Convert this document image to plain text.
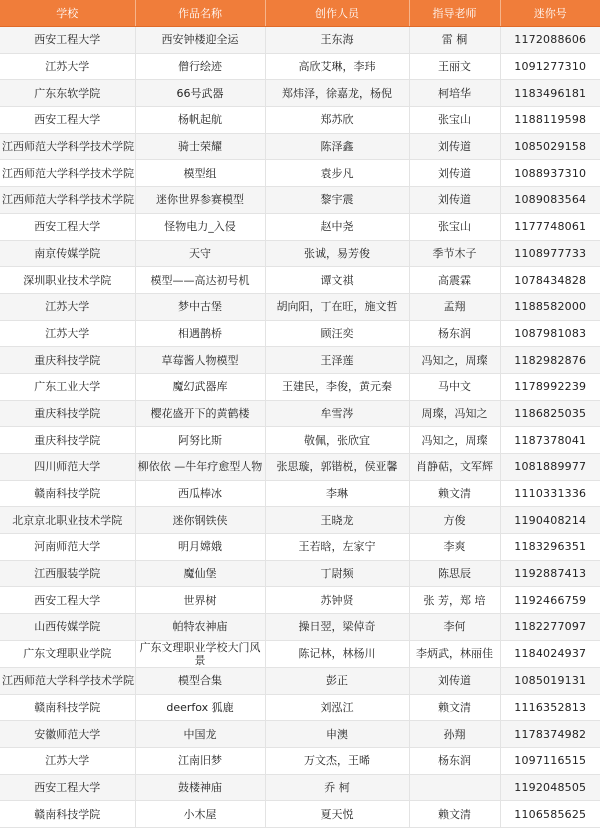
学校	作品名称	创作人员	指导老师	迷你号
西安工程大学	西安钟楼迎全运	王东海	雷 桐	1172088606
江苏大学	僧行绘迹	高欣艾琳，李玮	王丽文	1091277310
广东东软学院	66号武器	郑炜泽，徐嘉龙，杨倪	柯培华	1183496181
西安工程大学	杨帆起航	郑苏欣	张宝山	1188119598
江西师范大学科学技术学院	骑士荣耀	陈泽鑫	刘传道	1085029158
江西师范大学科学技术学院	模型组	袁步凡	刘传道	1088937310
江西师范大学科学技术学院	迷你世界参赛模型	黎宇震	刘传道	1089083564
西安工程大学	怪物电力_入侵	赵中尧	张宝山	1177748061
南京传媒学院	天守	张诚，易芳俊	季节木子	1108977733
深圳职业技术学院	模型——高达初号机	谭文祺	高震霖	1078434828
江苏大学	梦中古堡	胡向阳，丁在旺，施文哲	孟翔	1188582000
江苏大学	相遇鹊桥	顾汪奕	杨东润	1087981083
重庆科技学院	草莓酱人物模型	王泽莲	冯知之，周璨	1182982876
广东工业大学	魔幻武器库	王建民，李俊，黄元秦	马中文	1178992239
重庆科技学院	樱花盛开下的黄鹤楼	牟雪涔	周璨，冯知之	1186825035
重庆科技学院	阿努比斯	敬佩，张欣宜	冯知之，周璨	1187378041
四川师范大学	柳依依 —牛年疗愈型人物	张思璇，郭锴棁，侯亚馨	肖静萜，文军辉	1081889977
赣南科技学院	西瓜棒冰	李琳	赖文清	1110331336
北京京北职业技术学院	迷你钢铁侠	王晓龙	方俊	1190408214
河南师范大学	明月嫦娥	王若晗，左家宁	李爽	1183296351
江西服装学院	魔仙堡	丁尉频	陈思辰	1192887413
西安工程大学	世界树	苏钟贤	张 芳，郑 培	1192466759
山西传媒学院	帕特农神庙	操日翌，梁倬奇	李何	1182277097
广东文理职业学院	广东文理职业学校大门风景	陈记林，林杨川	李炳武，林丽佳	1184024937
江西师范大学科学技术学院	模型合集	彭正	刘传道	1085019131
赣南科技学院	deerfox 狐鹿	刘泓江	赖文清	1116352813
安徽师范大学	中国龙	申澳	孙翔	1178374982
江苏大学	江南旧梦	万文杰，王晞	杨东润	1097116515
西安工程大学	鼓楼神庙	乔 柯		1192048505
赣南科技学院	小木屋	夏天悦	赖文清	1106585625
